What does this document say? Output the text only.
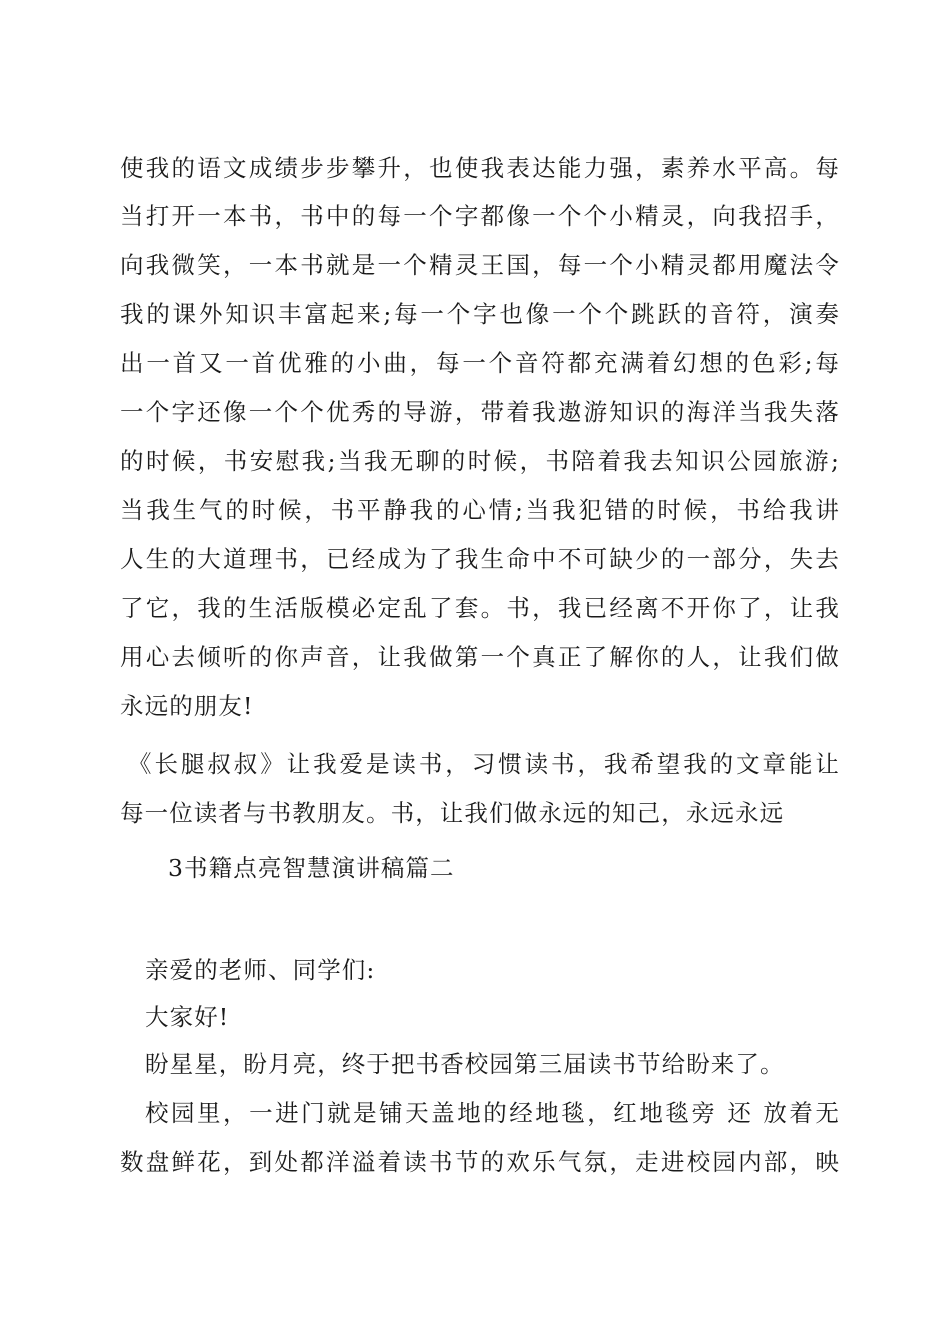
使我的语文成绩步步攀升，也使我表达能力强，素养水平高。每
当打开一本书，书中的每一个字都像一个个小精灵，向我招手，
向我微笑，一本书就是一个精灵王国，每一个小精灵都用魔法令
我的课外知识丰富起来;每一个字也像一个个跳跃的音符，演奏
出一首又一首优雅的小曲，每一个音符都充满着幻想的色彩;每
一个字还像一个个优秀的导游，带着我遨游知识的海洋当我失落
的时候，书安慰我;当我无聊的时候，书陪着我去知识公园旅游;
当我生气的时候，书平静我的心情;当我犯错的时候，书给我讲
人生的大道理书，已经成为了我生命中不可缺少的一部分，失去
了它，我的生活版模必定乱了套。书，我已经离不开你了，让我
用心去倾听的你声音，让我做第一个真正了解你的人，让我们做
永远的朋友!
《长腿叔叔》让我爱是读书，习惯读书，我希望我的文章能让
每一位读者与书教朋友。书，让我们做永远的知己，永远永远
3书籍点亮智慧演讲稿篇二
亲爱的老师、同学们:
大家好!
盼星星，盼月亮，终于把书香校园第三届读书节给盼来了。
校园里，一进门就是铺天盖地的经地毯，红地毯旁 还 放着无
数盘鲜花，到处都洋溢着读书节的欢乐气氛，走进校园内部，映
